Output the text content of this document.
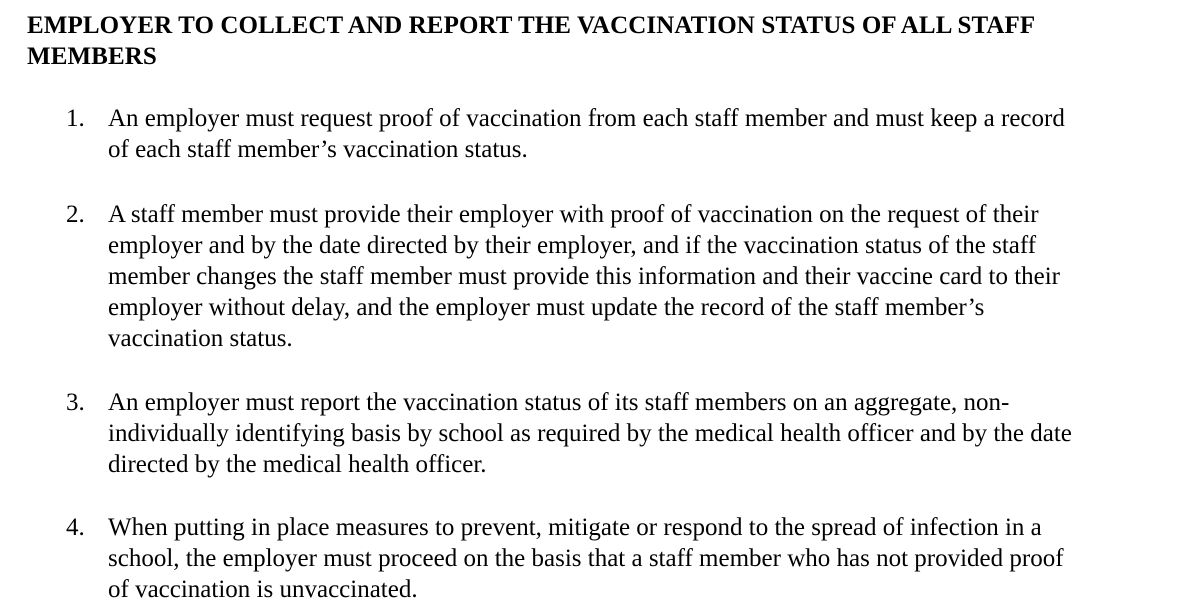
EMPLOYER TO COLLECT AND REPORT THE VACCINATION STATUS OF ALL STAFF
MEMBERS
1. An employer must request proof of vaccination from each staff member and must keep a record
of each staff member’s vaccination status.
2. A staff member must provide their employer with proof of vaccination on the request of their
employer and by the date directed by their employer, and if the vaccination status of the staff
member changes the staff member must provide this information and their vaccine card to their
employer without delay, and the employer must update the record of the staff member’s
vaccination status.
3. An employer must report the vaccination status of its staff members on an aggregate, non-
individually identifying basis by school as required by the medical health officer and by the date
directed by the medical health officer.
4. When putting in place measures to prevent, mitigate or respond to the spread of infection in a
school, the employer must proceed on the basis that a staff member who has not provided proof
of vaccination is unvaccinated.
